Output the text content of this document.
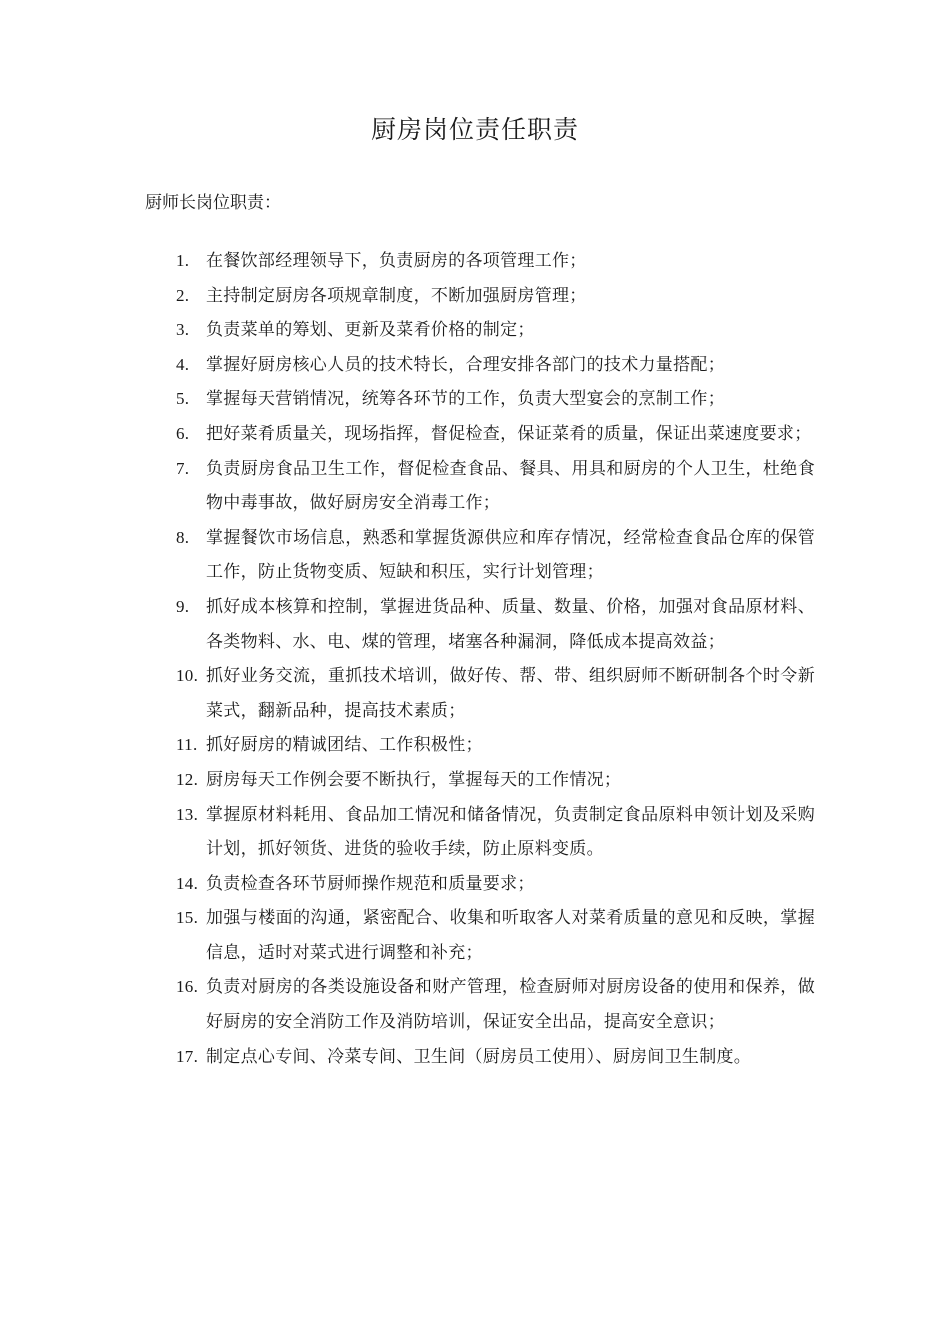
厨房岗位责任职责
厨师长岗位职责：
1. 在餐饮部经理领导下，负责厨房的各项管理工作；
2. 主持制定厨房各项规章制度，不断加强厨房管理；
3. 负责菜单的筹划、更新及菜肴价格的制定；
4. 掌握好厨房核心人员的技术特长，合理安排各部门的技术力量搭配；
5. 掌握每天营销情况，统筹各环节的工作，负责大型宴会的烹制工作；
6. 把好菜肴质量关，现场指挥，督促检查，保证菜肴的质量，保证出菜速度要求；
7. 负责厨房食品卫生工作，督促检查食品、餐具、用具和厨房的个人卫生，杜绝食物中毒事故，做好厨房安全消毒工作；
8. 掌握餐饮市场信息，熟悉和掌握货源供应和库存情况，经常检查食品仓库的保管工作，防止货物变质、短缺和积压，实行计划管理；
9. 抓好成本核算和控制，掌握进货品种、质量、数量、价格，加强对食品原材料、各类物料、水、电、煤的管理，堵塞各种漏洞，降低成本提高效益；
10. 抓好业务交流，重抓技术培训，做好传、帮、带、组织厨师不断研制各个时令新菜式，翻新品种，提高技术素质；
11. 抓好厨房的精诚团结、工作积极性；
12. 厨房每天工作例会要不断执行，掌握每天的工作情况；
13. 掌握原材料耗用、食品加工情况和储备情况，负责制定食品原料申领计划及采购计划，抓好领货、进货的验收手续，防止原料变质。
14. 负责检查各环节厨师操作规范和质量要求；
15. 加强与楼面的沟通，紧密配合、收集和听取客人对菜肴质量的意见和反映，掌握信息，适时对菜式进行调整和补充；
16. 负责对厨房的各类设施设备和财产管理，检查厨师对厨房设备的使用和保养，做好厨房的安全消防工作及消防培训，保证安全出品，提高安全意识；
17. 制定点心专间、冷菜专间、卫生间（厨房员工使用）、厨房间卫生制度。
